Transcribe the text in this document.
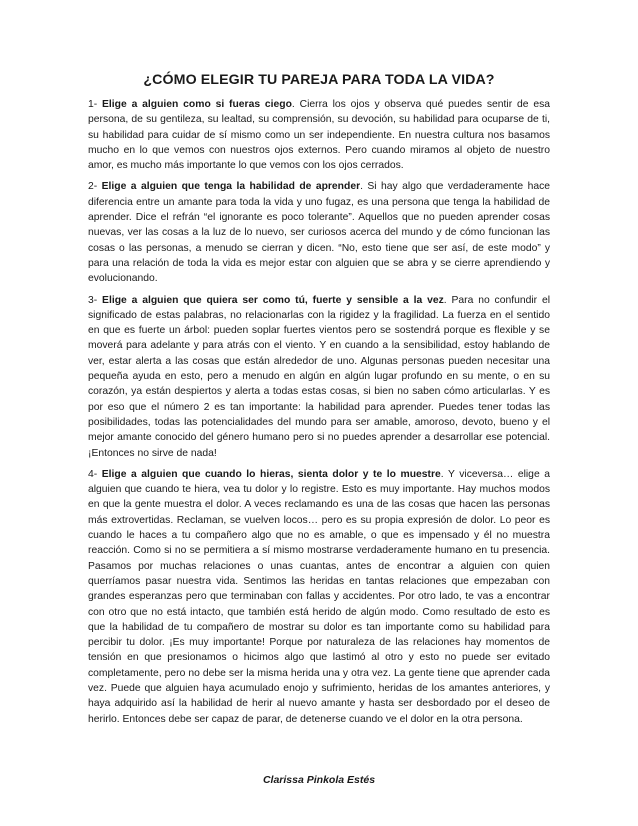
¿CÓMO ELEGIR TU PAREJA PARA TODA LA VIDA?

1- Elige a alguien como si fueras ciego. Cierra los ojos y observa qué puedes sentir de esa persona, de su gentileza, su lealtad, su comprensión, su devoción, su habilidad para ocuparse de ti, su habilidad para cuidar de sí mismo como un ser independiente. En nuestra cultura nos basamos mucho en lo que vemos con nuestros ojos externos. Pero cuando miramos al objeto de nuestro amor, es mucho más importante lo que vemos con los ojos cerrados.

2- Elige a alguien que tenga la habilidad de aprender. Si hay algo que verdaderamente hace diferencia entre un amante para toda la vida y uno fugaz, es una persona que tenga la habilidad de aprender. Dice el refrán “el ignorante es poco tolerante”. Aquellos que no pueden aprender cosas nuevas, ver las cosas a la luz de lo nuevo, ser curiosos acerca del mundo y de cómo funcionan las cosas o las personas, a menudo se cierran y dicen. “No, esto tiene que ser así, de este modo” y para una relación de toda la vida es mejor estar con alguien que se abra y se cierre aprendiendo y evolucionando.

3- Elige a alguien que quiera ser como tú, fuerte y sensible a la vez. Para no confundir el significado de estas palabras, no relacionarlas con la rigidez y la fragilidad. La fuerza en el sentido en que es fuerte un árbol: pueden soplar fuertes vientos pero se sostendrá porque es flexible y se moverá para adelante y para atrás con el viento. Y en cuando a la sensibilidad, estoy hablando de ver, estar alerta a las cosas que están alrededor de uno. Algunas personas pueden necesitar una pequeña ayuda en esto, pero a menudo en algún en algún lugar profundo en su mente, o en su corazón, ya están despiertos y alerta a todas estas cosas, si bien no saben cómo articularlas. Y es por eso que el número 2 es tan importante: la habilidad para aprender. Puedes tener todas las posibilidades, todas las potencialidades del mundo para ser amable, amoroso, devoto, bueno y el mejor amante conocido del género humano pero si no puedes aprender a desarrollar ese potencial. ¡Entonces no sirve de nada!

4- Elige a alguien que cuando lo hieras, sienta dolor y te lo muestre. Y viceversa… elige a alguien que cuando te hiera, vea tu dolor y lo registre. Esto es muy importante. Hay muchos modos en que la gente muestra el dolor. A veces reclamando es una de las cosas que hacen las personas más extrovertidas. Reclaman, se vuelven locos… pero es su propia expresión de dolor. Lo peor es cuando le haces a tu compañero algo que no es amable, o que es impensado y él no muestra reacción. Como si no se permitiera a sí mismo mostrarse verdaderamente humano en tu presencia. Pasamos por muchas relaciones o unas cuantas, antes de encontrar a alguien con quien querríamos pasar nuestra vida. Sentimos las heridas en tantas relaciones que empezaban con grandes esperanzas pero que terminaban con fallas y accidentes. Por otro lado, te vas a encontrar con otro que no está intacto, que también está herido de algún modo. Como resultado de esto es que la habilidad de tu compañero de mostrar su dolor es tan importante como su habilidad para percibir tu dolor. ¡Es muy importante! Porque por naturaleza de las relaciones hay momentos de tensión en que presionamos o hicimos algo que lastimó al otro y esto no puede ser evitado completamente, pero no debe ser la misma herida una y otra vez. La gente tiene que aprender cada vez. Puede que alguien haya acumulado enojo y sufrimiento, heridas de los amantes anteriores, y haya adquirido así la habilidad de herir al nuevo amante y hasta ser desbordado por el deseo de herirlo. Entonces debe ser capaz de parar, de detenerse cuando ve el dolor en la otra persona.

Clarissa Pinkola Estés
